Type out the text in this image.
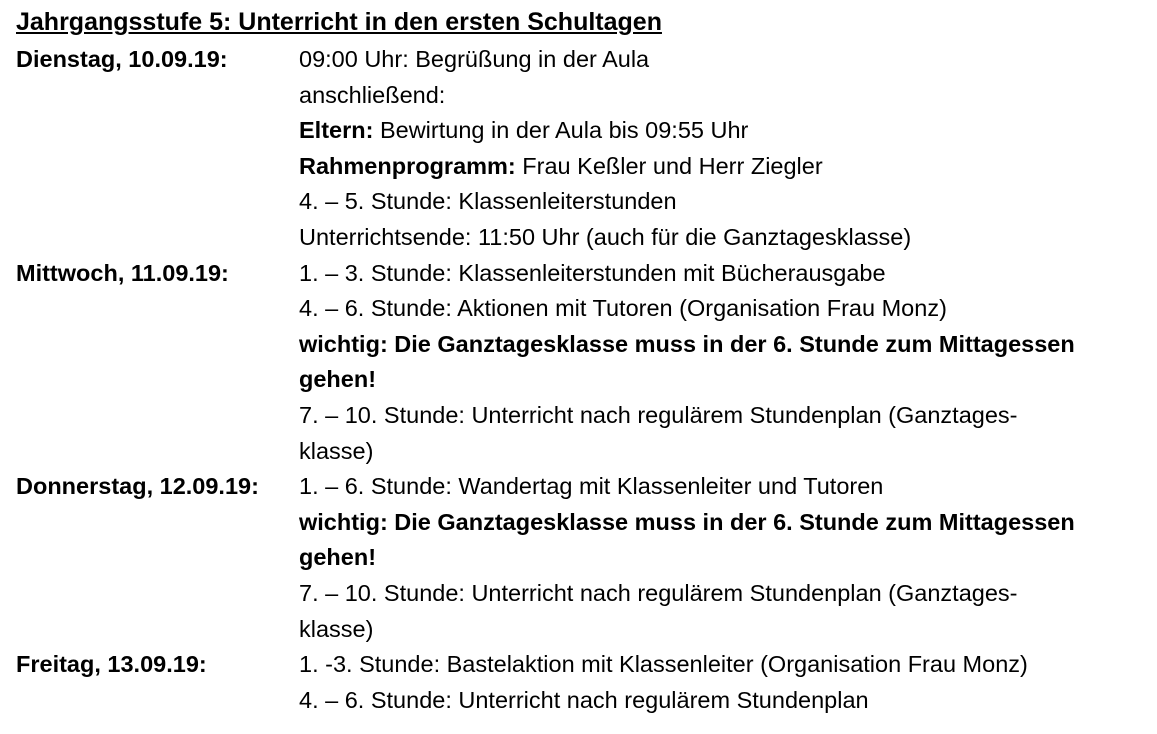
Jahrgangsstufe 5: Unterricht in den ersten Schultagen
Dienstag, 10.09.19:	09:00 Uhr: Begrüßung in der Aula
anschließend:
Eltern: Bewirtung in der Aula bis 09:55 Uhr
Rahmenprogramm: Frau Keßler und Herr Ziegler
4. – 5. Stunde: Klassenleiterstunden
Unterrichtsende: 11:50 Uhr (auch für die Ganztagesklasse)
Mittwoch, 11.09.19:	1. – 3. Stunde: Klassenleiterstunden mit Bücherausgabe
4. – 6. Stunde: Aktionen mit Tutoren (Organisation Frau Monz)
wichtig: Die Ganztagesklasse muss in der 6. Stunde zum Mittagessen
gehen!
7. – 10. Stunde: Unterricht nach regulärem Stundenplan (Ganztages-
klasse)
Donnerstag, 12.09.19:	1. – 6. Stunde: Wandertag mit Klassenleiter und Tutoren
wichtig: Die Ganztagesklasse muss in der 6. Stunde zum Mittagessen
gehen!
7. – 10. Stunde: Unterricht nach regulärem Stundenplan (Ganztages-
klasse)
Freitag, 13.09.19:	1. -3. Stunde: Bastelaktion mit Klassenleiter (Organisation Frau Monz)
4. – 6. Stunde: Unterricht nach regulärem Stundenplan
